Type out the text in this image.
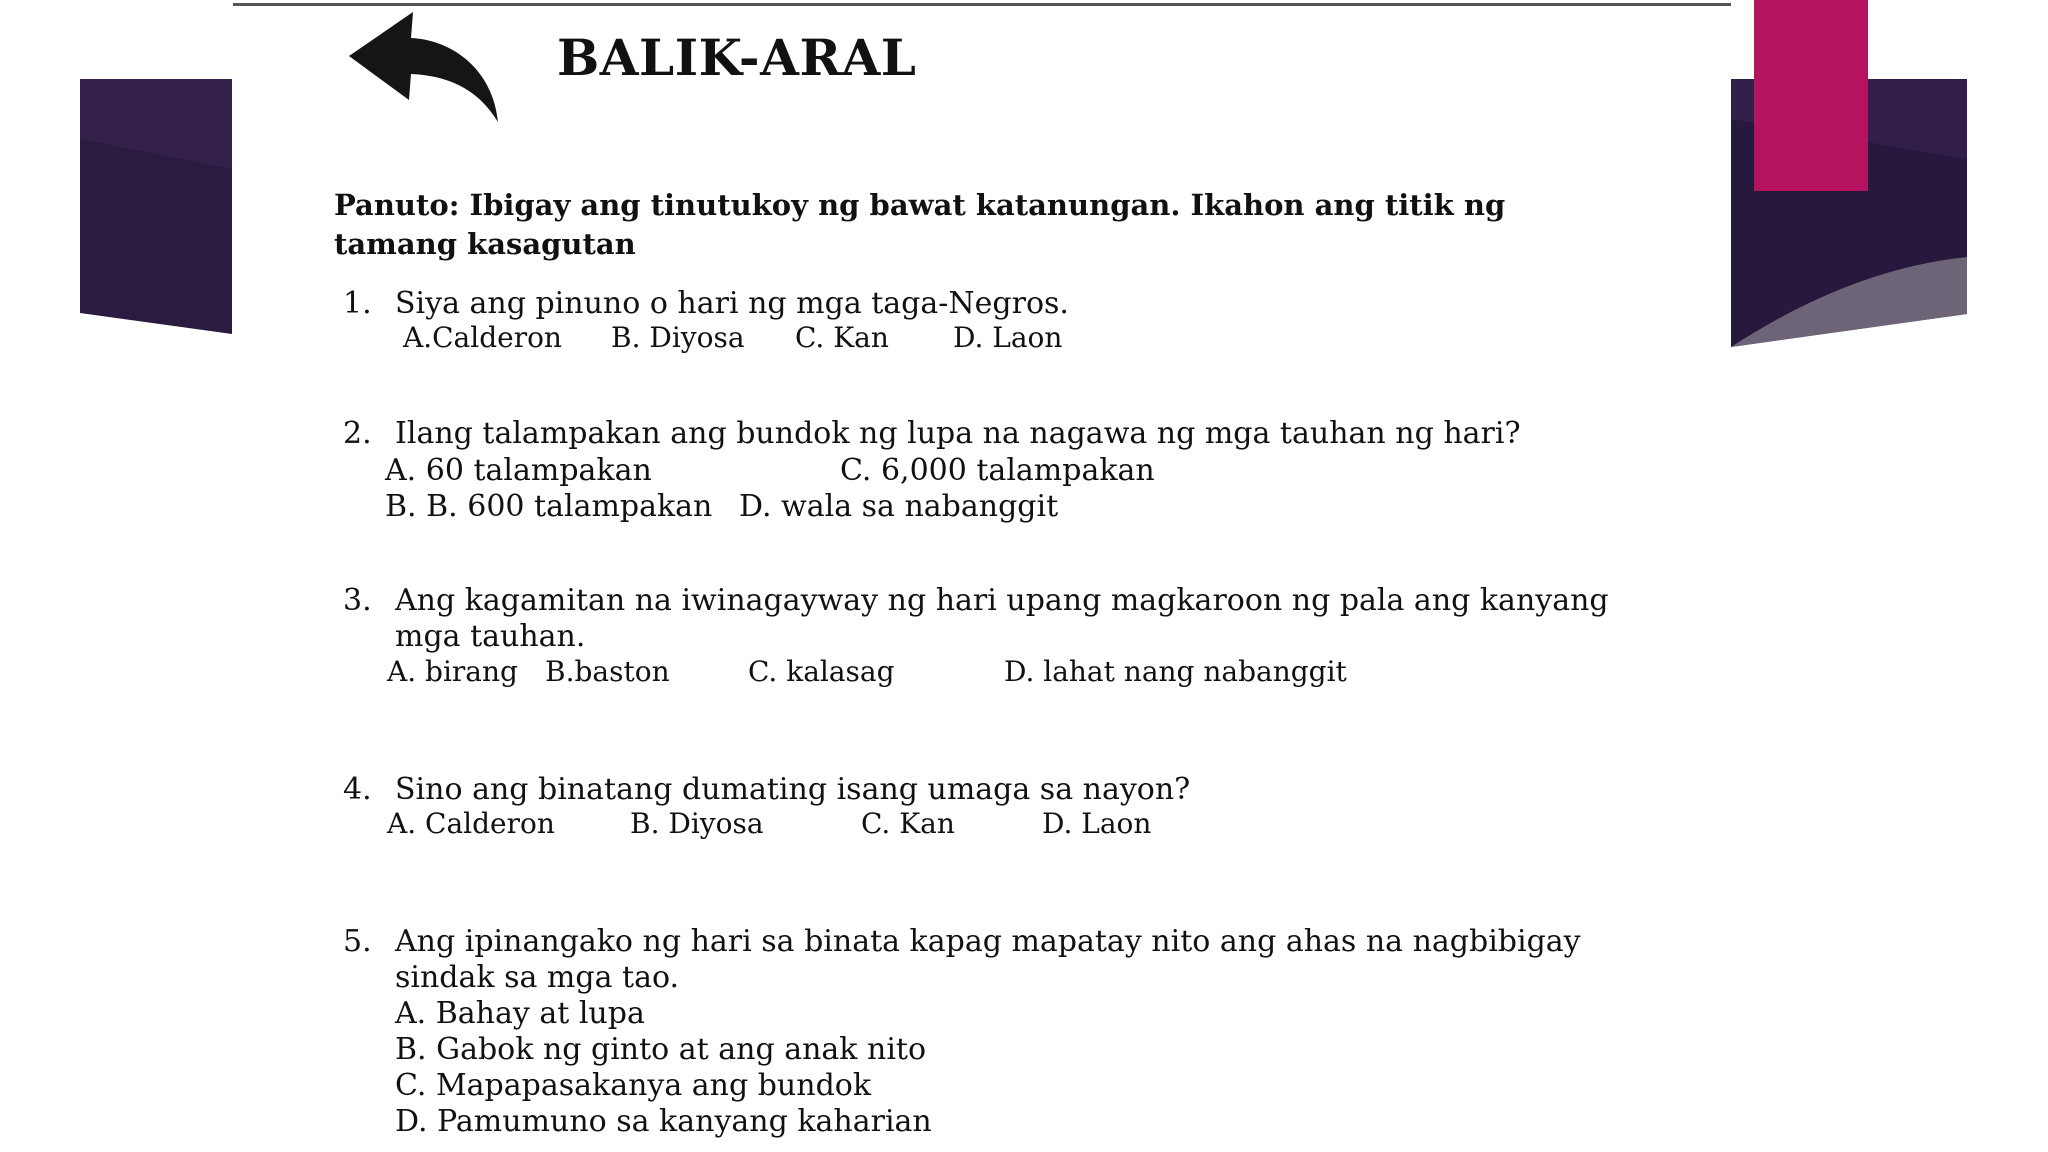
BALIK-ARAL
Panuto: Ibigay ang tinutukoy ng bawat katanungan. Ikahon ang titik ng tamang kasagutan
1. Siya ang pinuno o hari ng mga taga-Negros.
A.Calderon B. Diyosa C. Kan D. Laon
2. Ilang talampakan ang bundok ng lupa na nagawa ng mga tauhan ng hari?
A. 60 talampakan	C. 6,000 talampakan
B. B. 600 talampakan D. wala sa nabanggit
3. Ang kagamitan na iwinagayway ng hari upang magkaroon ng pala ang kanyang
mga tauhan.
A. birang B.baston	C. kalasag	D. lahat nang nabanggit
4. Sino ang binatang dumating isang umaga sa nayon?
A. Calderon	B. Diyosa	C. Kan	D. Laon
5. Ang ipinangako ng hari sa binata kapag mapatay nito ang ahas na nagbibigay
sindak sa mga tao.
A. Bahay at lupa
B. Gabok ng ginto at ang anak nito
C. Mapapasakanya ang bundok
D. Pamumuno sa kanyang kaharian
